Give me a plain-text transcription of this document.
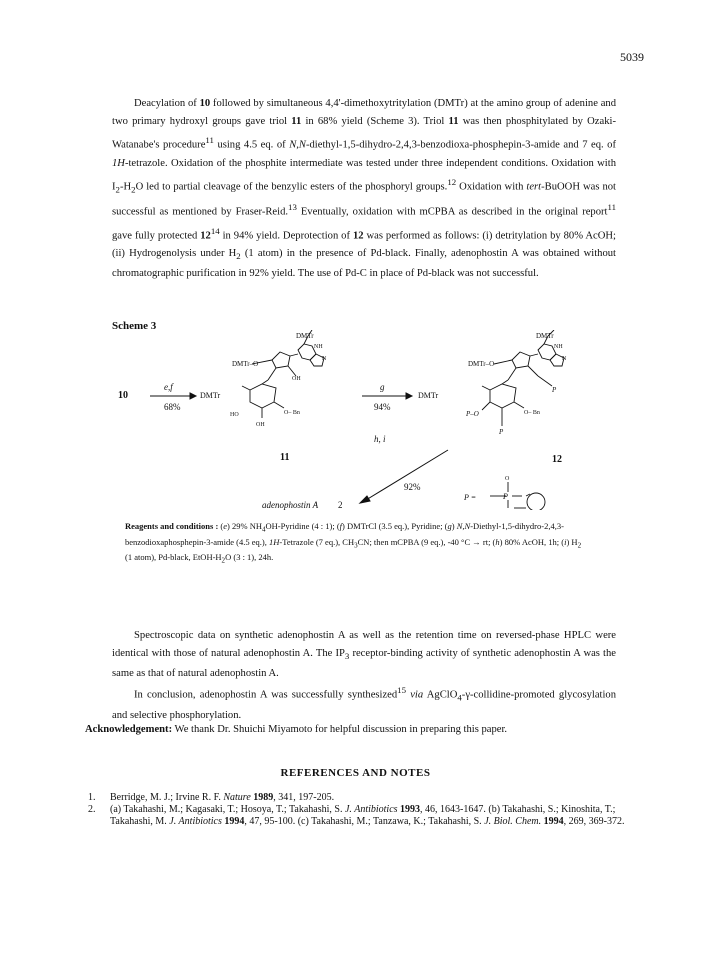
5039

Deacylation of 10 followed by simultaneous 4,4'-dimethoxytritylation (DMTr) at the amino group of adenine and two primary hydroxyl groups gave triol 11 in 68% yield (Scheme 3). Triol 11 was then phosphitylated by Ozaki-Watanabe's procedure$^{11}$ using 4.5 eq. of N,N-diethyl-1,5-dihydro-2,4,3-benzodioxa-phosphepin-3-amide and 7 eq. of 1H-tetrazole. Oxidation of the phosphite intermediate was tested under three independent conditions. Oxidation with $I_2-H_2O$ led to partial cleavage of the benzylic esters of the phosphoryl groups.$^{12}$ Oxidation with tert-BuOOH was not successful as mentioned by Fraser-Reid.$^{13}$ Eventually, oxidation with mCPBA as described in the original report$^{11}$ gave fully protected $12^{14}$ in 94% yield. Deprotection of 12 was performed as follows: (i) detritylation by 80% AcOH; (ii) Hydrogenolysis under $H_2$ (1 atom) in the presence of Pd-black. Finally, adenophostin A was obtained without chromatographic purification in 92% yield. The use of Pd-C in place of Pd-black was not successful.

Scheme 3
10
e,f
68%
DMTr
DMTr
NH
N
DMTr–O
OH
HO
OH
O– Bn
11
g
94%
DMTr
DMTr
NH
N
DMTr–O
P
P–O	O– Bn
P
12
h, i
92%
adenophostin A 2
P =
O
P
Reagents and conditions : (e) 29% $NH_4OH$-Pyridine (4 : 1); (f) DMTrCl (3.5 eq.), Pyridine; (g) N,N-Diethyl-1,5-dihydro-2,4,3-benzodioxaphosphepin-3-amide (4.5 eq.), 1H-Tetrazole (7 eq.), $CH_3CN$; then mCPBA (9 eq.), -40 °C → rt; (h) 80% AcOH, 1h; (i) $H_2$ (1 atom), Pd-black, EtOH-$H_2O$ (3 : 1), 24h.

Spectroscopic data on synthetic adenophostin A as well as the retention time on reversed-phase HPLC were identical with those of natural adenophostin A. The $IP_3$ receptor-binding activity of synthetic adenophostin A was the same as that of natural adenophostin A.

In conclusion, adenophostin A was successfully synthesized$^{15}$ via AgClO$_4$-γ-collidine-promoted glycosylation and selective phosphorylation.

Acknowledgement: We thank Dr. Shuichi Miyamoto for helpful discussion in preparing this paper.
REFERENCES AND NOTES
1.	Berridge, M. J.; Irvine R. F. Nature 1989, 341, 197-205.
2.	(a) Takahashi, M.; Kagasaki, T.; Hosoya, T.; Takahashi, S. J. Antibiotics 1993, 46, 1643-1647. (b) Takahashi, S.; Kinoshita, T.; Takahashi, M. J. Antibiotics 1994, 47, 95-100. (c) Takahashi, M.; Tanzawa, K.; Takahashi, S. J. Biol. Chem. 1994, 269, 369-372.
